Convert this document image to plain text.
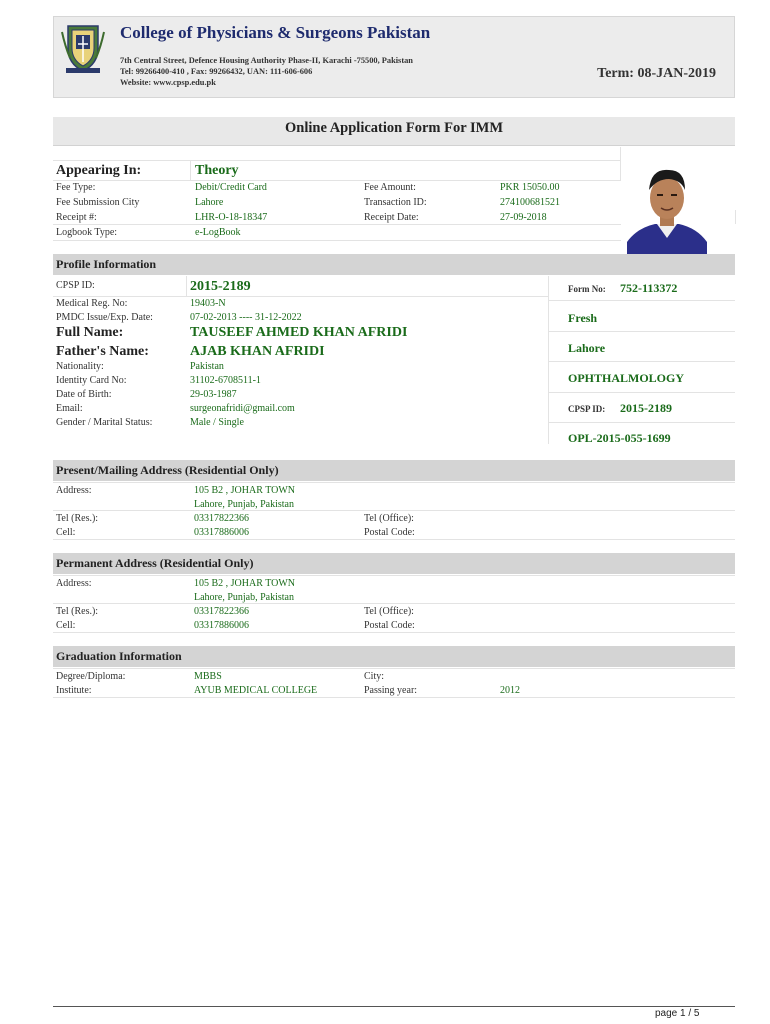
College of Physicians & Surgeons Pakistan
7th Central Street, Defence Housing Authority Phase-II, Karachi -75500, Pakistan
Tel: 99266400-410 , Fax: 99266432, UAN: 111-606-606
Website: www.cpsp.edu.pk
Term: 08-JAN-2019
Online Application Form For IMM
Appearing In:	Theory
Fee Type:	Debit/Credit Card	Fee Amount:	PKR 15050.00
Fee Submission City	Lahore	Transaction ID:	274100681521
Receipt #:	LHR-O-18-18347	Receipt Date:	27-09-2018
Logbook Type:	e-LogBook
Profile Information
CPSP ID:	2015-2189
Medical Reg. No:	19403-N
PMDC Issue/Exp. Date:	07-02-2013 ---- 31-12-2022
Full Name:	TAUSEEF AHMED KHAN AFRIDI
Father's Name:	AJAB KHAN AFRIDI
Nationality:	Pakistan
Identity Card No:	31102-6708511-1
Date of Birth:	29-03-1987
Email:	surgeonafridi@gmail.com
Gender / Marital Status:	Male / Single
Form No: 752-113372
Fresh
Lahore
OPHTHALMOLOGY
CPSP ID: 2015-2189
OPL-2015-055-1699
Present/Mailing Address (Residential Only)
Address:	105 B2 , JOHAR TOWN
Lahore, Punjab, Pakistan
Tel (Res.):	03317822366	Tel (Office):
Cell:	03317886006	Postal Code:
Permanent Address (Residential Only)
Address:	105 B2 , JOHAR TOWN
Lahore, Punjab, Pakistan
Tel (Res.):	03317822366	Tel (Office):
Cell:	03317886006	Postal Code:
Graduation Information
Degree/Diploma:	MBBS	City:
Institute:	AYUB MEDICAL COLLEGE	Passing year:	2012
page 1 / 5
